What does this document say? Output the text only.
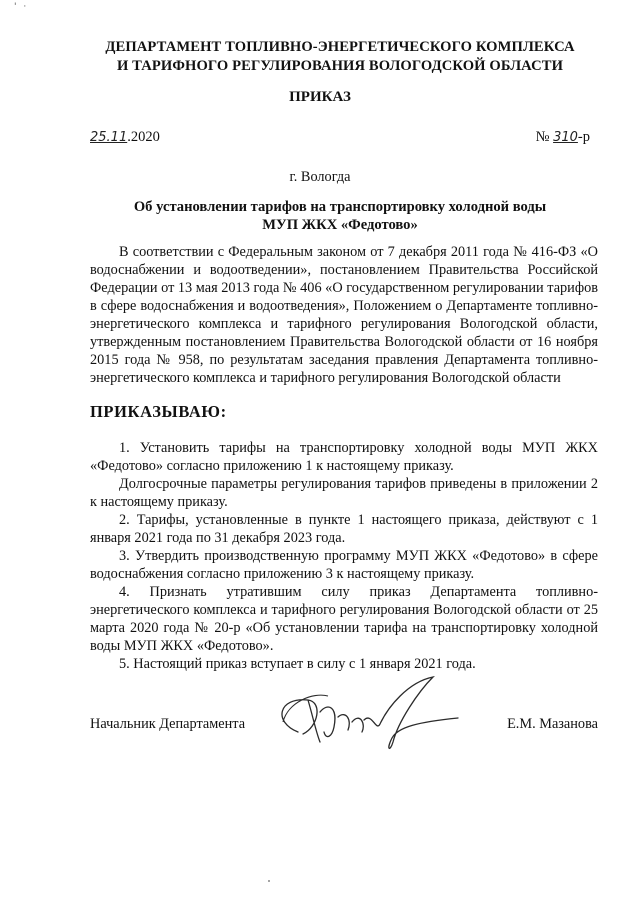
' ·
ДЕПАРТАМЕНТ ТОПЛИВНО-ЭНЕРГЕТИЧЕСКОГО КОМПЛЕКСА
И ТАРИФНОГО РЕГУЛИРОВАНИЯ ВОЛОГОДСКОЙ ОБЛАСТИ
ПРИКАЗ
25.11.2020	№ 310-р
г. Вологда
Об установлении тарифов на транспортировку холодной воды
МУП ЖКХ «Федотово»
В соответствии с Федеральным законом от 7 декабря 2011 года № 416-ФЗ «О водоснабжении и водоотведении», постановлением Правительства Российской Федерации от 13 мая 2013 года № 406 «О государственном регулировании тарифов в сфере водоснабжения и водоотведения», Положением о Департаменте топливно-энергетического комплекса и тарифного регулирования Вологодской области, утвержденным постановлением Правительства Вологодской области от 16 ноября 2015 года № 958, по результатам заседания правления Департамента топливно-энергетического комплекса и тарифного регулирования Вологодской области
ПРИКАЗЫВАЮ:

1. Установить тарифы на транспортировку холодной воды МУП ЖКХ «Федотово» согласно приложению 1 к настоящему приказу.

Долгосрочные параметры регулирования тарифов приведены в приложении 2 к настоящему приказу.

2. Тарифы, установленные в пункте 1 настоящего приказа, действуют с 1 января 2021 года по 31 декабря 2023 года.

3. Утвердить производственную программу МУП ЖКХ «Федотово» в сфере водоснабжения согласно приложению 3 к настоящему приказу.

4. Признать утратившим силу приказ Департамента топливно-энергетического комплекса и тарифного регулирования Вологодской области от 25 марта 2020 года № 20-р «Об установлении тарифа на транспортировку холодной воды МУП ЖКХ «Федотово».

5. Настоящий приказ вступает в силу с 1 января 2021 года.

Начальник Департамента	Е.М. Мазанова
